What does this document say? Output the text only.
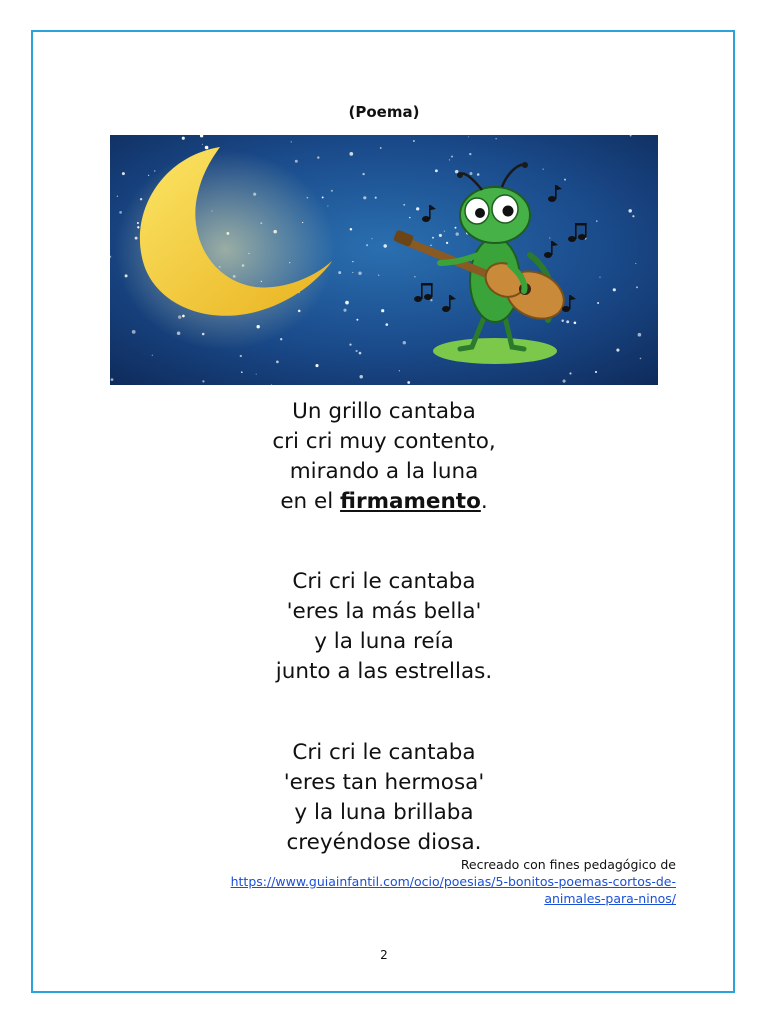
(Poema)
Un grillo cantaba
cri cri muy contento,
mirando a la luna
en el firmamento.
Cri cri le cantaba
'eres la más bella'
y la luna reía
junto a las estrellas.
Cri cri le cantaba
'eres tan hermosa'
y la luna brillaba
creyéndose diosa.
Recreado con fines pedagógico de
https://www.guiainfantil.com/ocio/poesias/5-bonitos-poemas-cortos-de-
animales-para-ninos/
2
